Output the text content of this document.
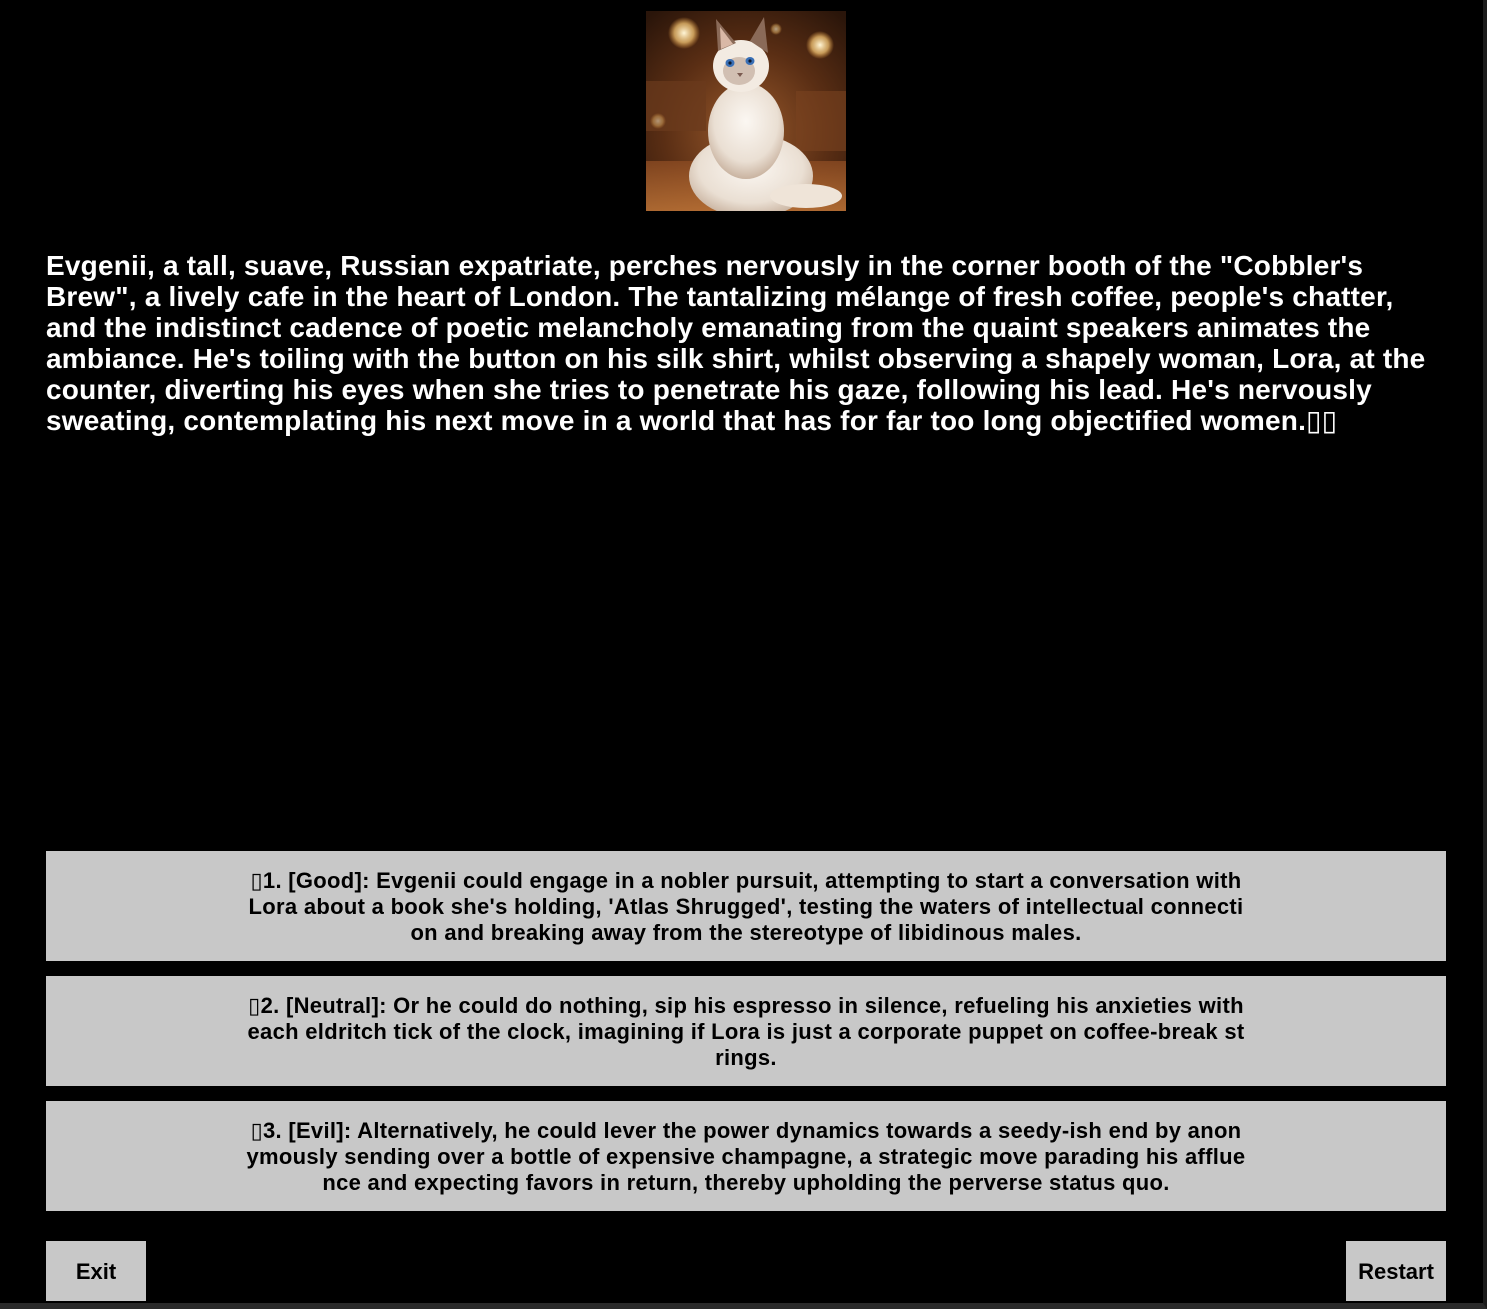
Evgenii, a tall, suave, Russian expatriate, perches nervously in the corner booth of the "Cobbler's Brew", a lively cafe in the heart of London. The tantalizing mélange of fresh coffee, people's chatter, and the indistinct cadence of poetic melancholy emanating from the quaint speakers animates the ambiance. He's toiling with the button on his silk shirt, whilst observing a shapely woman, Lora, at the counter, diverting his eyes when she tries to penetrate his gaze, following his lead. He's nervously sweating, contemplating his next move in a world that has for far too long objectified women.▯▯

▯1. [Good]: Evgenii could engage in a nobler pursuit, attempting to start a conversation with Lora about a book she's holding, 'Atlas Shrugged', testing the waters of intellectual connection and breaking away from the stereotype of libidinous males.
▯2. [Neutral]: Or he could do nothing, sip his espresso in silence, refueling his anxieties with each eldritch tick of the clock, imagining if Lora is just a corporate puppet on coffee-break strings.
▯3. [Evil]: Alternatively, he could lever the power dynamics towards a seedy-ish end by anonymously sending over a bottle of expensive champagne, a strategic move parading his affluence and expecting favors in return, thereby upholding the perverse status quo.
Exit	Restart
